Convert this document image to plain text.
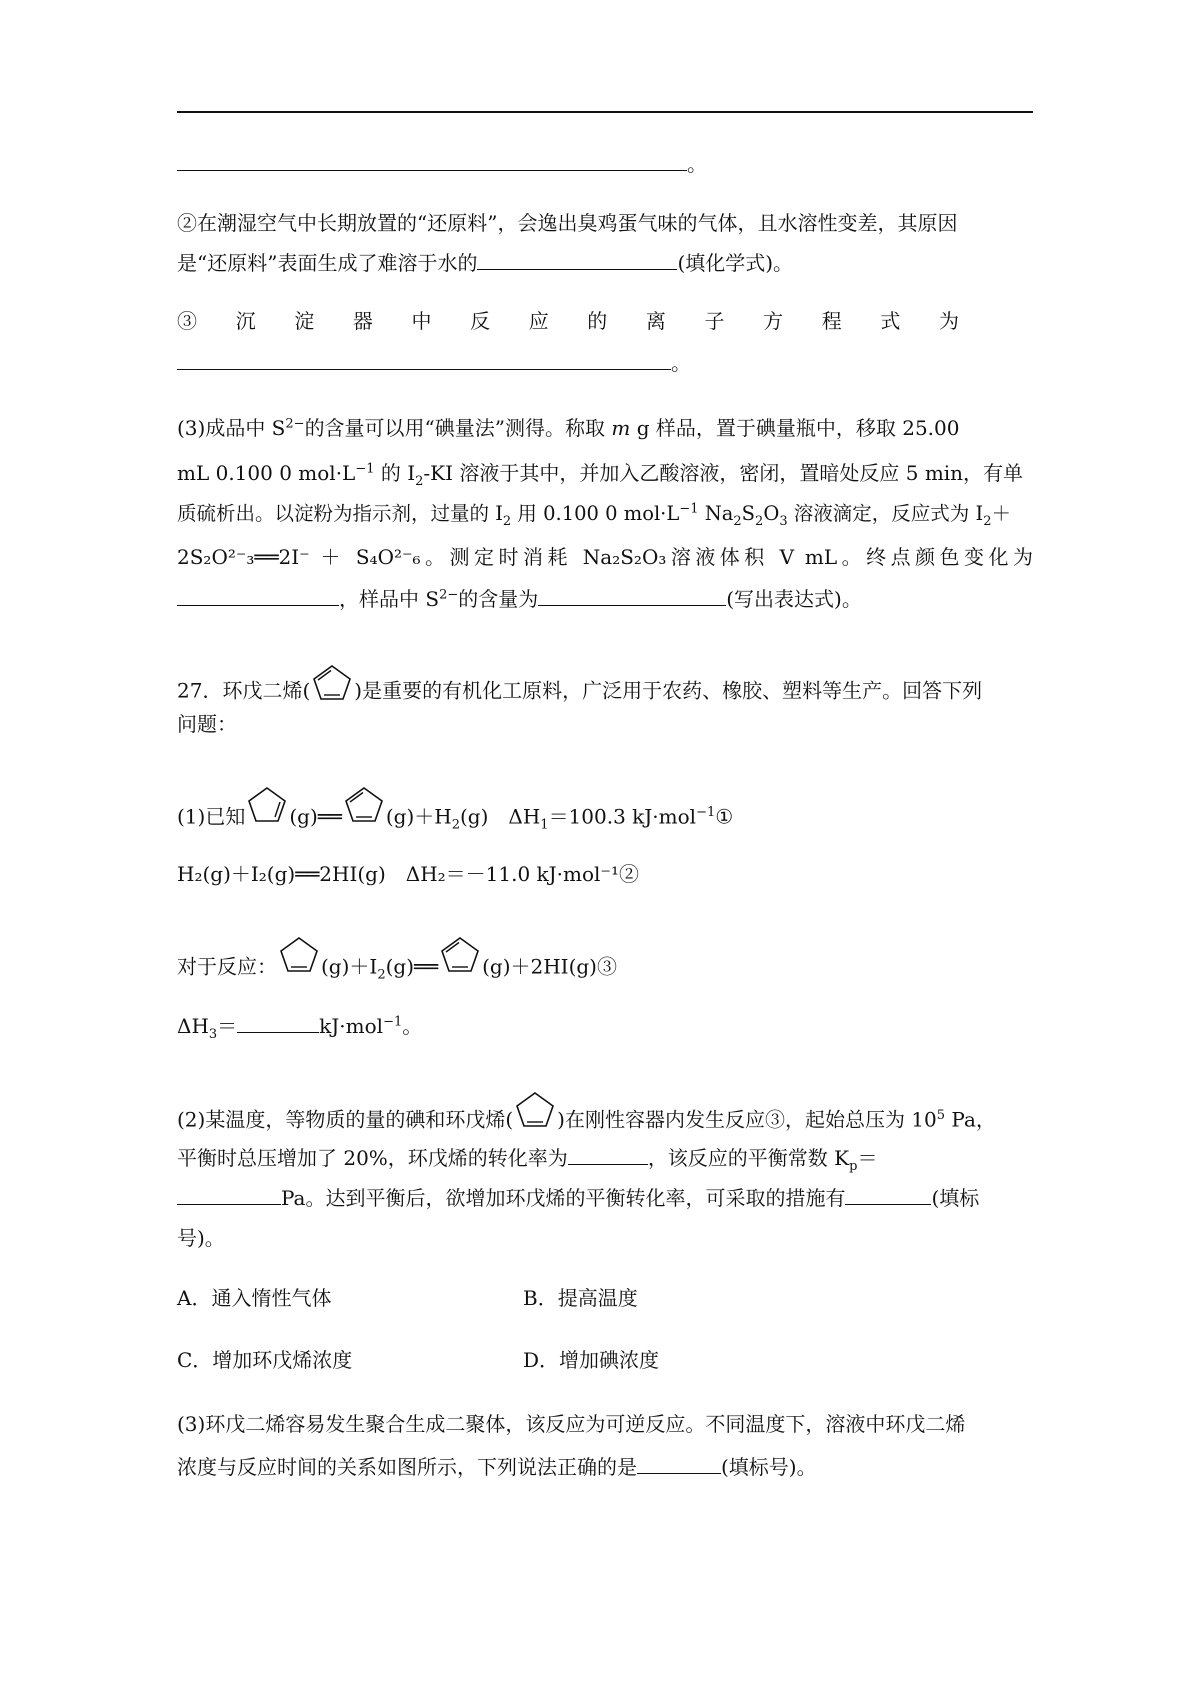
。
②在潮湿空气中长期放置的“还原料”，会逸出臭鸡蛋气味的气体，且水溶性变差，其原因
是“还原料”表面生成了难溶于水的	(填化学式)。
③沉淀器中反应的离子方程式为
。
(3)成品中 $S^{2-}$的含量可以用“碘量法”测得。称取 m g 样品，置于碘量瓶中，移取 25.00
mL 0.100 0 $mol\cdot L^{-1}$ 的 $I_2-KI$ 溶液于其中，并加入乙酸溶液，密闭，置暗处反应 5 min，有单
质硫析出。以淀粉为指示剂，过量的 $I_2$ 用 0.100 0 $mol\cdot L^{-1}$ $Na_2S_2O_3$ 溶液滴定，反应式为 $I_2+$
2S₂O²⁻₃══2I⁻ ＋ S₄O²⁻₆。测定时消耗 Na₂S₂O₃溶液体积 V mL。终点颜色变化为
，样品中 $S^{2-}$的含量为	(写出表达式)。
27．环戊二烯( )是重要的有机化工原料，广泛用于农药、橡胶、塑料等生产。回答下列
问题：
(1)已知 (g)══ $(g)+H_2(g)$　$\Delta H_1=100.3$ kJ·mol$^{-1}$①
H₂(g)＋I₂(g)══2HI(g)　ΔH₂＝－11.0 kJ·mol⁻¹②
对于反应： $(g)+I_2(g)══$ (g)＋2HI(g)③
$\Delta H_3=$	kJ·mol$^{-1}$。
(2)某温度，等物质的量的碘和环戊烯( )在刚性容器内发生反应③，起始总压为 $10^5$ Pa，
平衡时总压增加了 20%，环戊烯的转化率为	，该反应的平衡常数 $K_p=$
Pa。达到平衡后，欲增加环戊烯的平衡转化率，可采取的措施有	(填标
号)。
A．通入惰性气体	B．提高温度
C．增加环戊烯浓度	D．增加碘浓度
(3)环戊二烯容易发生聚合生成二聚体，该反应为可逆反应。不同温度下，溶液中环戊二烯
浓度与反应时间的关系如图所示，下列说法正确的是	(填标号)。
